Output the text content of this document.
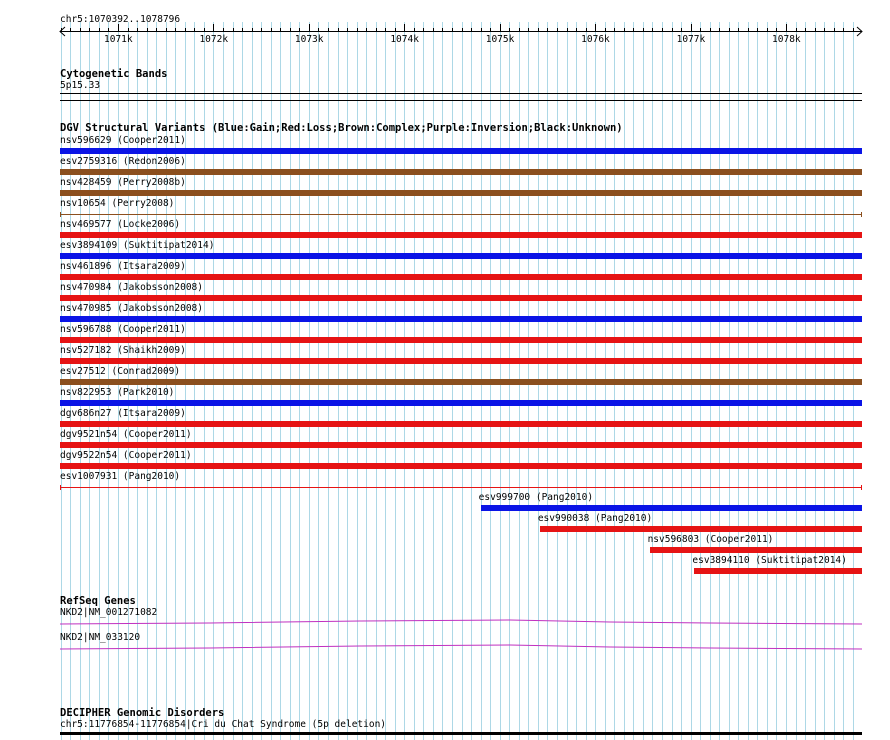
chr5:1070392..1078796
Cytogenetic Bands
5p15.33
DGV Structural Variants (Blue:Gain;Red:Loss;Brown:Complex;Purple:Inversion;Black:Unknown)
nsv596629 (Cooper2011)
esv2759316 (Redon2006)
nsv428459 (Perry2008b)
nsv10654 (Perry2008)
nsv469577 (Locke2006)
esv3894109 (Suktitipat2014)
nsv461896 (Itsara2009)
nsv470984 (Jakobsson2008)
nsv470985 (Jakobsson2008)
nsv596788 (Cooper2011)
nsv527182 (Shaikh2009)
esv27512 (Conrad2009)
nsv822953 (Park2010)
dgv686n27 (Itsara2009)
dgv9521n54 (Cooper2011)
dgv9522n54 (Cooper2011)
esv1007931 (Pang2010)
esv999700 (Pang2010)
esv990038 (Pang2010)
nsv596803 (Cooper2011)
esv3894110 (Suktitipat2014)
RefSeq Genes
NKD2|NM_001271082
NKD2|NM_033120
DECIPHER Genomic Disorders
chr5:11776854-11776854|Cri du Chat Syndrome (5p deletion)
1071k	1072k	1073k	1074k	1075k	1076k	1077k	1078k
